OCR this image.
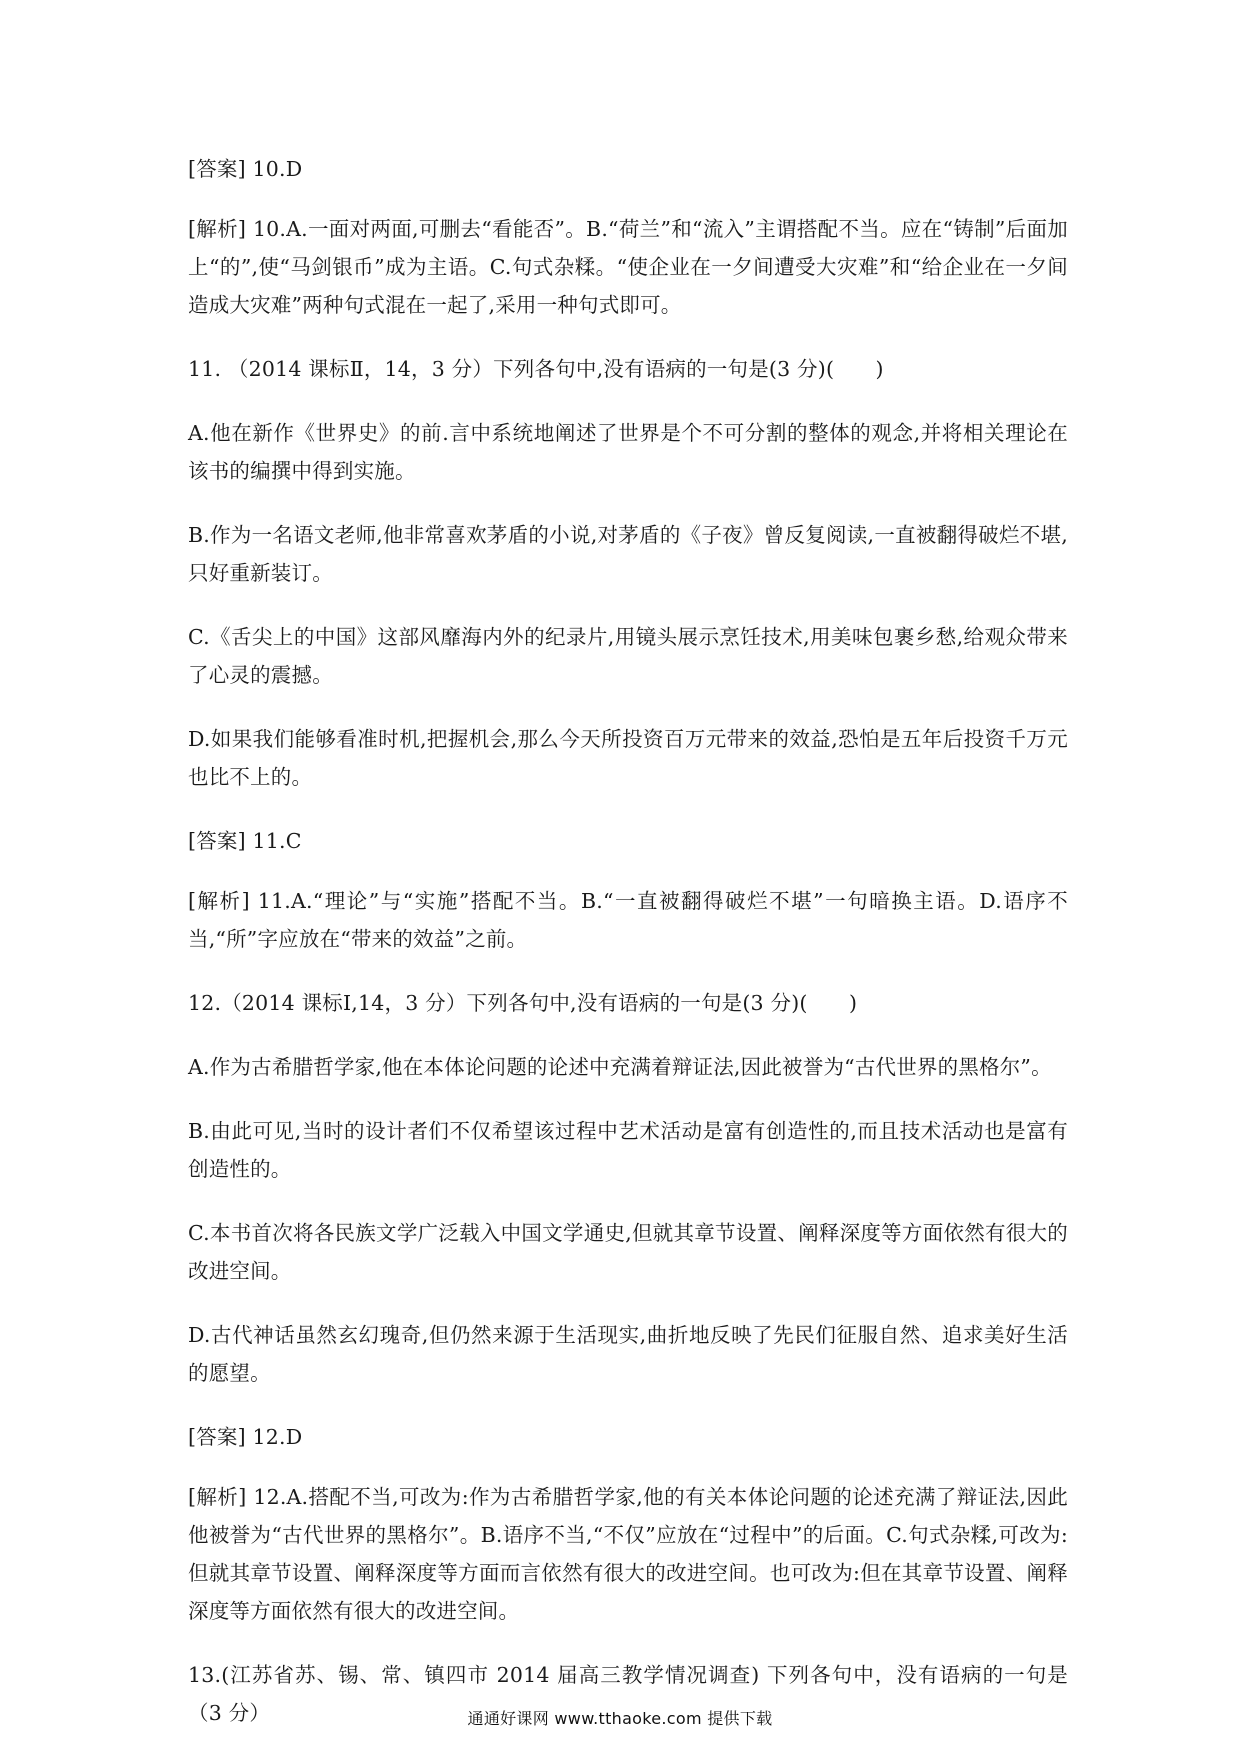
[答案] 10.D

[解析] 10.A.一面对两面,可删去“看能否”。B.“荷兰”和“流入”主谓搭配不当。应在“铸制”后面加上“的”,使“马剑银币”成为主语。C.句式杂糅。“使企业在一夕间遭受大灾难”和“给企业在一夕间造成大灾难”两种句式混在一起了,采用一种句式即可。

11. （2014 课标Ⅱ，14，3 分）下列各句中,没有语病的一句是(3 分)(　　)

A.他在新作《世界史》的前.言中系统地阐述了世界是个不可分割的整体的观念,并将相关理论在该书的编撰中得到实施。

B.作为一名语文老师,他非常喜欢茅盾的小说,对茅盾的《子夜》曾反复阅读,一直被翻得破烂不堪,只好重新装订。

C.《舌尖上的中国》这部风靡海内外的纪录片,用镜头展示烹饪技术,用美味包裹乡愁,给观众带来了心灵的震撼。

D.如果我们能够看准时机,把握机会,那么今天所投资百万元带来的效益,恐怕是五年后投资千万元也比不上的。

[答案] 11.C

[解析] 11.A.“理论”与“实施”搭配不当。B.“一直被翻得破烂不堪”一句暗换主语。D.语序不当,“所”字应放在“带来的效益”之前。

12.（2014 课标Ⅰ,14，3 分）下列各句中,没有语病的一句是(3 分)(　　)

A.作为古希腊哲学家,他在本体论问题的论述中充满着辩证法,因此被誉为“古代世界的黑格尔”。

B.由此可见,当时的设计者们不仅希望该过程中艺术活动是富有创造性的,而且技术活动也是富有创造性的。

C.本书首次将各民族文学广泛载入中国文学通史,但就其章节设置、阐释深度等方面依然有很大的改进空间。

D.古代神话虽然玄幻瑰奇,但仍然来源于生活现实,曲折地反映了先民们征服自然、追求美好生活的愿望。

[答案] 12.D

[解析] 12.A.搭配不当,可改为:作为古希腊哲学家,他的有关本体论问题的论述充满了辩证法,因此他被誉为“古代世界的黑格尔”。B.语序不当,“不仅”应放在“过程中”的后面。C.句式杂糅,可改为:但就其章节设置、阐释深度等方面而言依然有很大的改进空间。也可改为:但在其章节设置、阐释深度等方面依然有很大的改进空间。

13.(江苏省苏、锡、常、镇四市 2014 届高三教学情况调查) 下列各句中，没有语病的一句是（3 分）	通通好课网 www.tthaoke.com 提供下载
